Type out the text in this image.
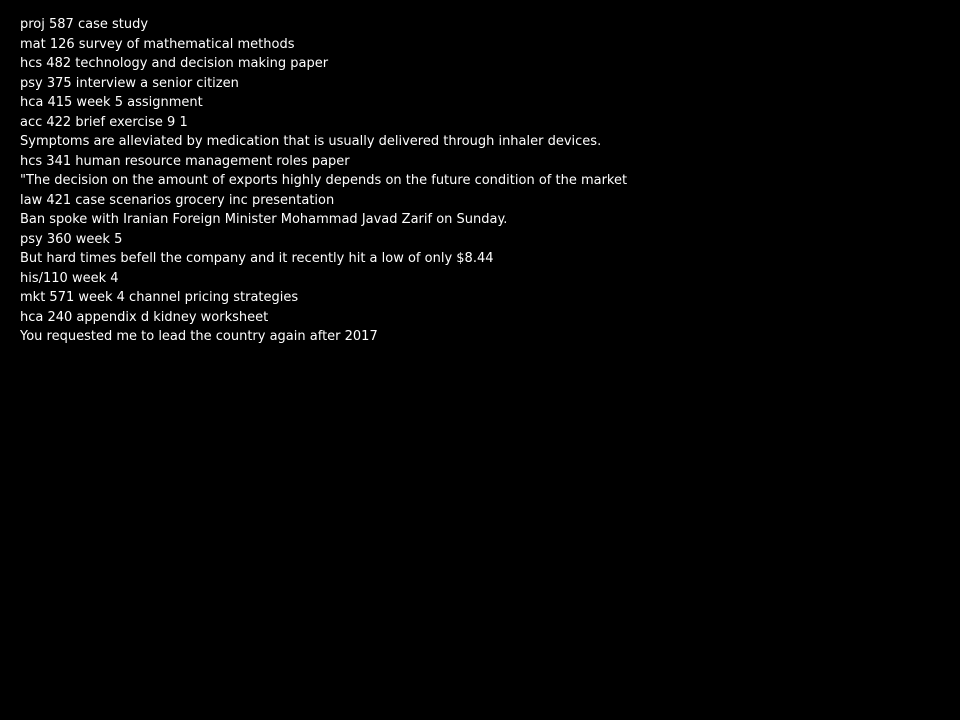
proj 587 case study
mat 126 survey of mathematical methods
hcs 482 technology and decision making paper
psy 375 interview a senior citizen
hca 415 week 5 assignment
acc 422 brief exercise 9 1
Symptoms are alleviated by medication that is usually delivered through inhaler devices.
hcs 341 human resource management roles paper
"The decision on the amount of exports highly depends on the future condition of the market
law 421 case scenarios grocery inc presentation
Ban spoke with Iranian Foreign Minister Mohammad Javad Zarif on Sunday.
psy 360 week 5
But hard times befell the company and it recently hit a low of only $8.44
his/110 week 4
mkt 571 week 4 channel pricing strategies
hca 240 appendix d kidney worksheet
You requested me to lead the country again after 2017
